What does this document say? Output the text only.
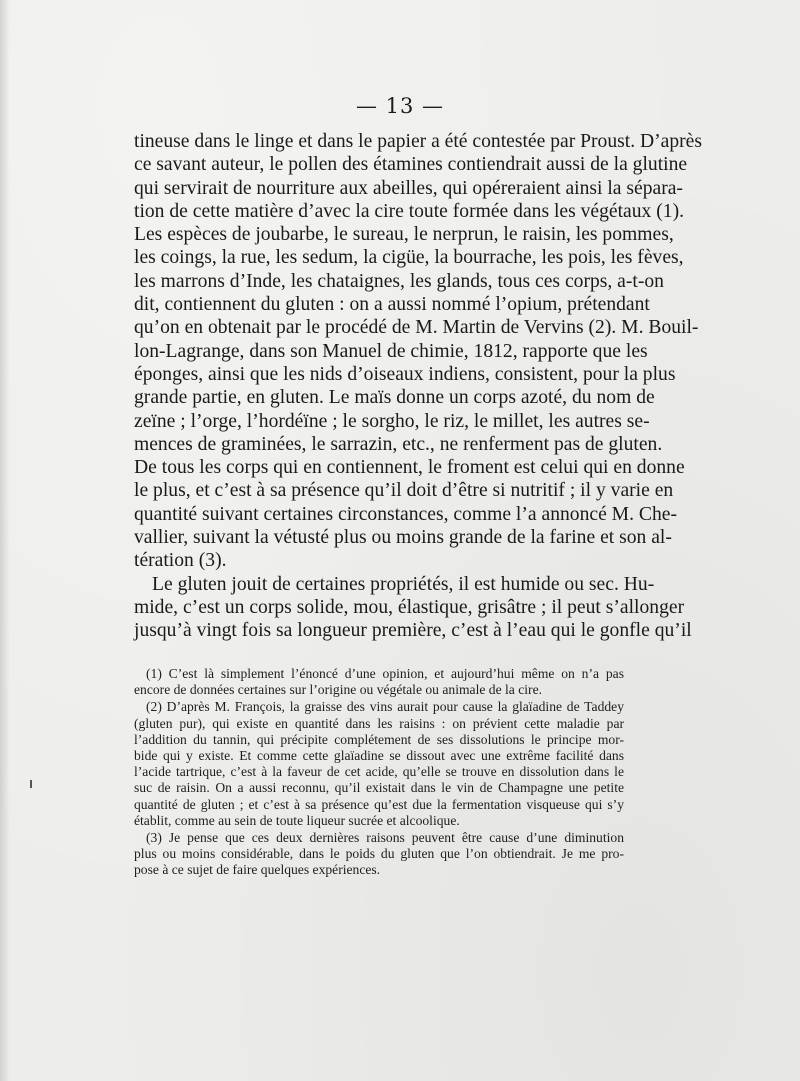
— 13 —
tineuse dans le linge et dans le papier a été contestée par Proust. D’après
ce savant auteur, le pollen des étamines contiendrait aussi de la glutine
qui servirait de nourriture aux abeilles, qui opéreraient ainsi la sépara-
tion de cette matière d’avec la cire toute formée dans les végétaux (1).
Les espèces de joubarbe, le sureau, le nerprun, le raisin, les pommes,
les coings, la rue, les sedum, la cigüe, la bourrache, les pois, les fèves,
les marrons d’Inde, les chataignes, les glands, tous ces corps, a-t-on
dit, contiennent du gluten : on a aussi nommé l’opium, prétendant
qu’on en obtenait par le procédé de M. Martin de Vervins (2). M. Bouil-
lon-Lagrange, dans son Manuel de chimie, 1812, rapporte que les
éponges, ainsi que les nids d’oiseaux indiens, consistent, pour la plus
grande partie, en gluten. Le maïs donne un corps azoté, du nom de
zeïne ; l’orge, l’hordéïne ; le sorgho, le riz, le millet, les autres se-
mences de graminées, le sarrazin, etc., ne renferment pas de gluten.
De tous les corps qui en contiennent, le froment est celui qui en donne
le plus, et c’est à sa présence qu’il doit d’être si nutritif ; il y varie en
quantité suivant certaines circonstances, comme l’a annoncé M. Che-
vallier, suivant la vétusté plus ou moins grande de la farine et son al-
tération (3).
Le gluten jouit de certaines propriétés, il est humide ou sec. Hu-
mide, c’est un corps solide, mou, élastique, grisâtre ; il peut s’allonger
jusqu’à vingt fois sa longueur première, c’est à l’eau qui le gonfle qu’il
(1) C’est là simplement l’énoncé d’une opinion, et aujourd’hui même on n’a pas
encore de données certaines sur l’origine ou végétale ou animale de la cire.
(2) D’après M. François, la graisse des vins aurait pour cause la glaïadine de Taddey
(gluten pur), qui existe en quantité dans les raisins : on prévient cette maladie par
l’addition du tannin, qui précipite complétement de ses dissolutions le principe mor-
bide qui y existe. Et comme cette glaïadine se dissout avec une extrême facilité dans
l’acide tartrique, c’est à la faveur de cet acide, qu’elle se trouve en dissolution dans le
suc de raisin. On a aussi reconnu, qu’il existait dans le vin de Champagne une petite
quantité de gluten ; et c’est à sa présence qu’est due la fermentation visqueuse qui s’y
établit, comme au sein de toute liqueur sucrée et alcoolique.
(3) Je pense que ces deux dernières raisons peuvent être cause d’une diminution
plus ou moins considérable, dans le poids du gluten que l’on obtiendrait. Je me pro-
pose à ce sujet de faire quelques expériences.
